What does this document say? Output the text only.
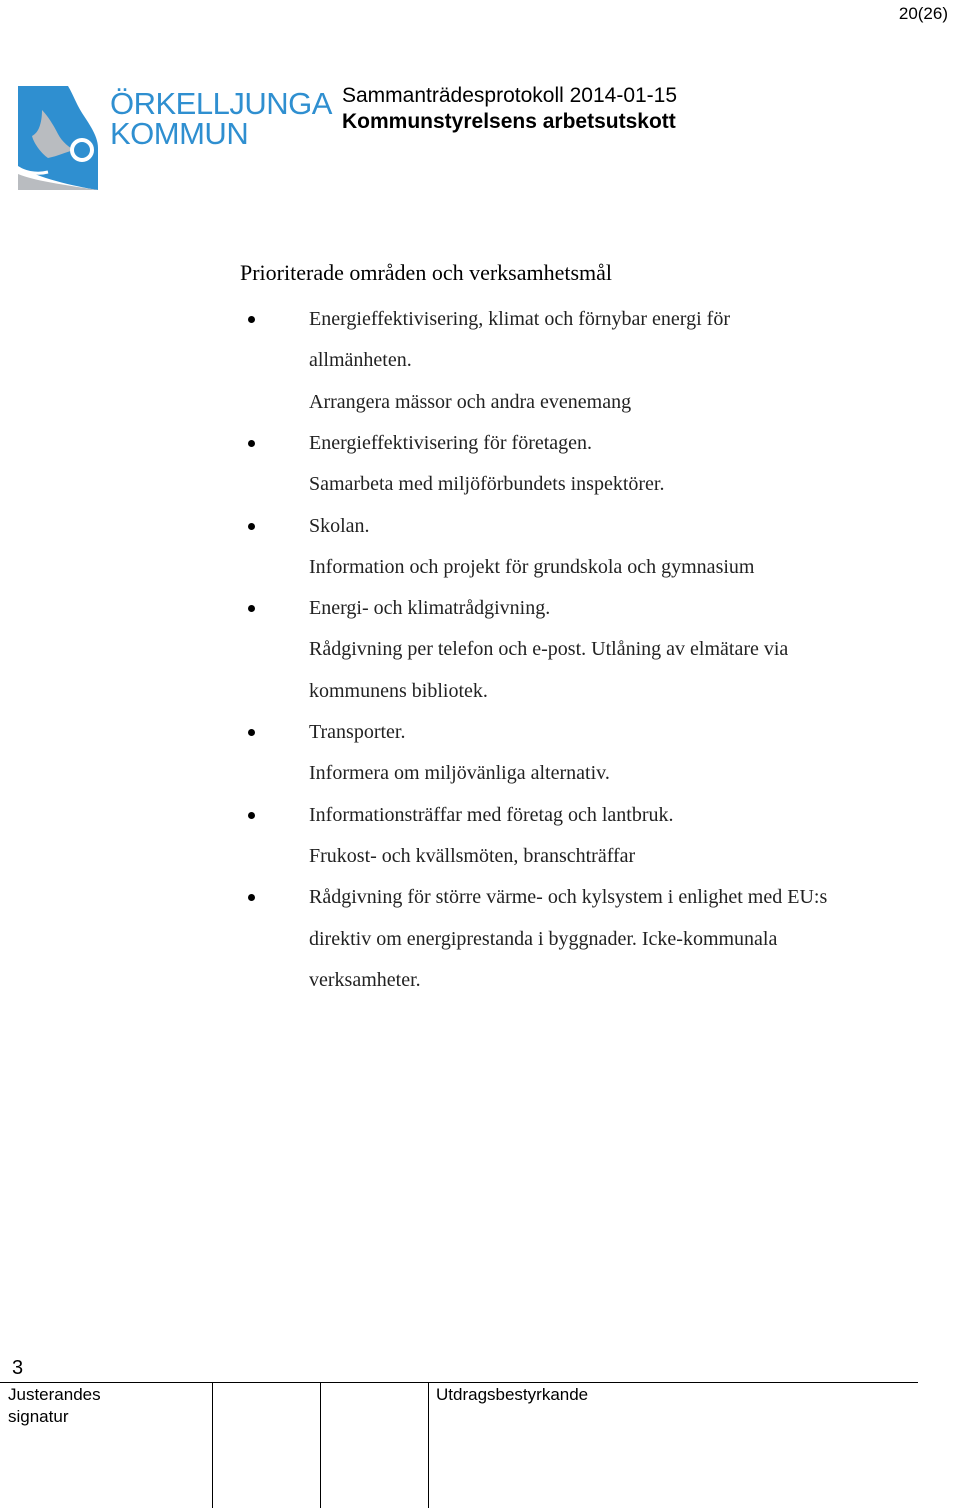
20(26)
ÖRKELLJUNGA
KOMMUN
Sammanträdesprotokoll 2014-01-15
Kommunstyrelsens arbetsutskott
Prioriterade områden och verksamhetsmål
Energieffektivisering, klimat och förnybar energi för
allmänheten.
Arrangera mässor och andra evenemang
Energieffektivisering för företagen.
Samarbeta med miljöförbundets inspektörer.
Skolan.
Information och projekt för grundskola och gymnasium
Energi- och klimatrådgivning.
Rådgivning per telefon och e-post. Utlåning av elmätare via
kommunens bibliotek.
Transporter.
Informera om miljövänliga alternativ.
Informationsträffar med företag och lantbruk.
Frukost- och kvällsmöten, branschträffar
Rådgivning för större värme- och kylsystem i enlighet med EU:s
direktiv om energiprestanda i byggnader. Icke-kommunala
verksamheter.
3
Justerandes
signatur
Utdragsbestyrkande
